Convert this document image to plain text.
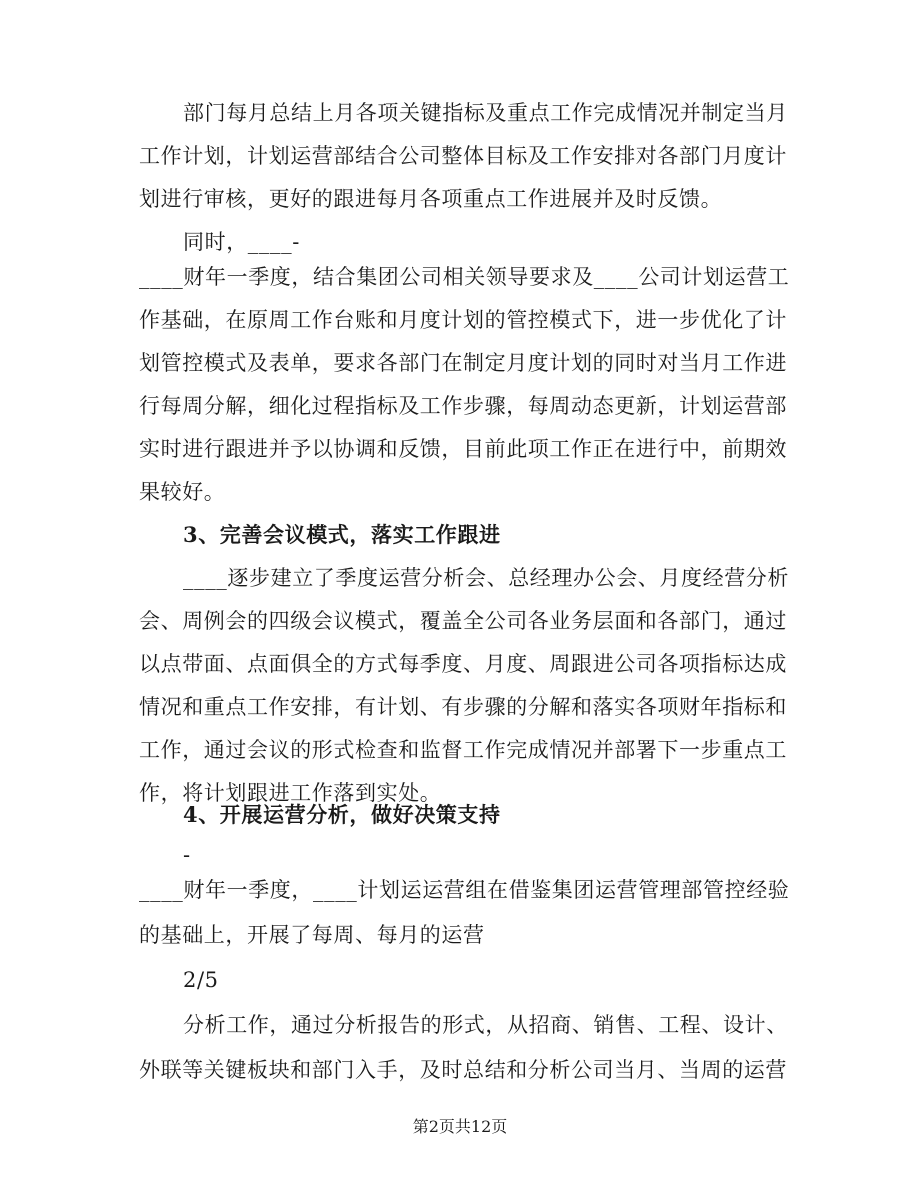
部门每月总结上月各项关键指标及重点工作完成情况并制定当月
工作计划，计划运营部结合公司整体目标及工作安排对各部门月度计
划进行审核，更好的跟进每月各项重点工作进展并及时反馈。
同时，____-
____财年一季度，结合集团公司相关领导要求及____公司计划运营工
作基础，在原周工作台账和月度计划的管控模式下，进一步优化了计
划管控模式及表单，要求各部门在制定月度计划的同时对当月工作进
行每周分解，细化过程指标及工作步骤，每周动态更新，计划运营部
实时进行跟进并予以协调和反馈，目前此项工作正在进行中，前期效
果较好。
3、完善会议模式，落实工作跟进
____逐步建立了季度运营分析会、总经理办公会、月度经营分析
会、周例会的四级会议模式，覆盖全公司各业务层面和各部门，通过
以点带面、点面俱全的方式每季度、月度、周跟进公司各项指标达成
情况和重点工作安排，有计划、有步骤的分解和落实各项财年指标和
工作，通过会议的形式检查和监督工作完成情况并部署下一步重点工
作，将计划跟进工作落到实处。
4、开展运营分析，做好决策支持
-
____财年一季度，____计划运运营组在借鉴集团运营管理部管控经验
的基础上，开展了每周、每月的运营
2/5
分析工作，通过分析报告的形式，从招商、销售、工程、设计、
第2页共12页
外联等关键板块和部门入手，及时总结和分析公司当月、当周的运营
